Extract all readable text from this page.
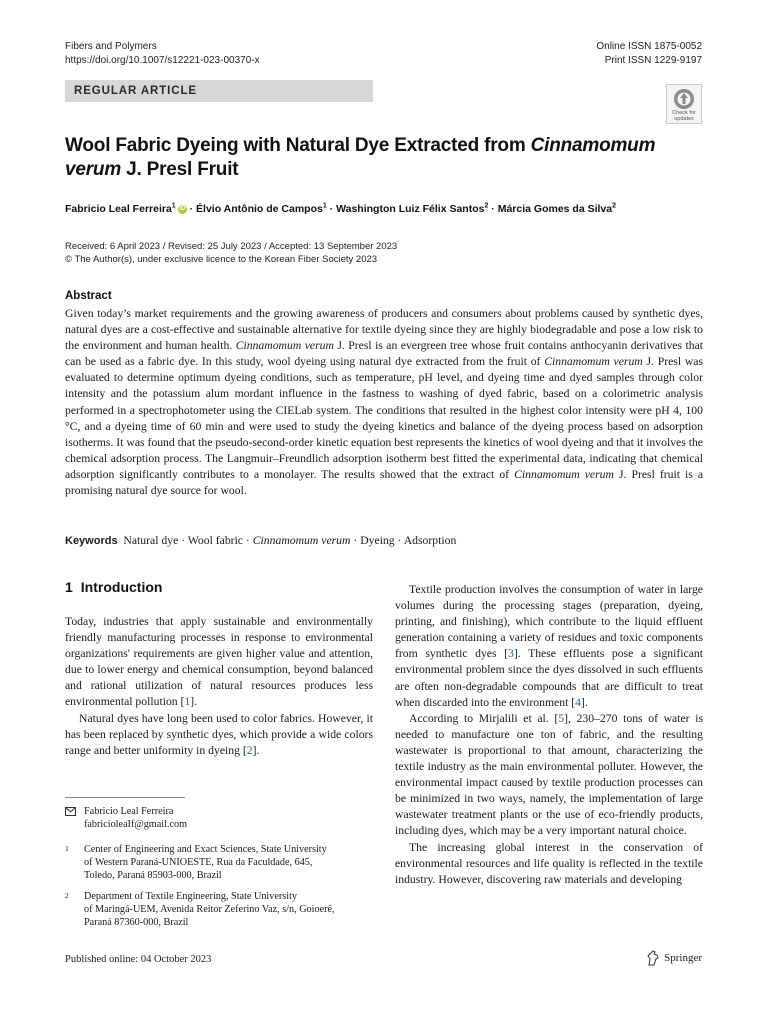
Fibers and Polymers
https://doi.org/10.1007/s12221-023-00370-x
Online ISSN 1875-0052
Print ISSN 1229-9197
REGULAR ARTICLE
Check for
updates
Wool Fabric Dyeing with Natural Dye Extracted from Cinnamomum
verum J. Presl Fruit
Fabricio Leal Ferreira$^1$ iD · Élvio Antônio de Campos$^1$ · Washington Luiz Félix Santos$^2$ · Márcia Gomes da Silva$^2$
Received: 6 April 2023 / Revised: 25 July 2023 / Accepted: 13 September 2023
© The Author(s), under exclusive licence to the Korean Fiber Society 2023
Abstract
Given today’s market requirements and the growing awareness of producers and consumers about problems caused by synthetic dyes, natural dyes are a cost-effective and sustainable alternative for textile dyeing since they are highly biodegradable and pose a low risk to the environment and human health. Cinnamomum verum J. Presl is an evergreen tree whose fruit contains anthocyanin derivatives that can be used as a fabric dye. In this study, wool dyeing using natural dye extracted from the fruit of Cinnamomum verum J. Presl was evaluated to determine optimum dyeing conditions, such as temperature, pH level, and dyeing time and dyed samples through color intensity and the potassium alum mordant influence in the fastness to washing of dyed fabric, based on a colorimetric analysis performed in a spectrophotometer using the CIELab system. The conditions that resulted in the highest color intensity were pH 4, 100 °C, and a dyeing time of 60 min and were used to study the dyeing kinetics and balance of the dyeing process based on adsorption isotherms. It was found that the pseudo-second-order kinetic equation best represents the kinetics of wool dyeing and that it involves the chemical adsorption process. The Langmuir–Freundlich adsorption isotherm best fitted the experimental data, indicating that chemical adsorption significantly contributes to a monolayer. The results showed that the extract of Cinnamomum verum J. Presl fruit is a promising natural dye source for wool.
Keywords Natural dye · Wool fabric · Cinnamomum verum · Dyeing · Adsorption
1 Introduction

Today, industries that apply sustainable and environmentally friendly manufacturing processes in response to environmental organizations' requirements are given higher value and attention, due to lower energy and chemical consumption, beyond balanced and rational utilization of natural resources produces less environmental pollution [1].

Natural dyes have long been used to color fabrics. However, it has been replaced by synthetic dyes, which provide a wide colors range and better uniformity in dyeing [2].

Textile production involves the consumption of water in large volumes during the processing stages (preparation, dyeing, printing, and finishing), which contribute to the liquid effluent generation containing a variety of residues and toxic components from synthetic dyes [3]. These effluents pose a significant environmental problem since the dyes dissolved in such effluents are often non-degradable compounds that are difficult to treat when discarded into the environment [4].

According to Mirjalili et al. [5], 230–270 tons of water is needed to manufacture one ton of fabric, and the resulting wastewater is proportional to that amount, characterizing the textile industry as the main environmental polluter. However, the environmental impact caused by textile production processes can be minimized in two ways, namely, the implementation of large wastewater treatment plants or the use of eco-friendly products, including dyes, which may be a very important natural choice.

The increasing global interest in the conservation of environmental resources and life quality is reflected in the textile industry. However, discovering raw materials and developing

Fabricio Leal Ferreira
fabricioleaIf@gmail.com
1	Center of Engineering and Exact Sciences, State University
of Western Paraná-UNIOESTE, Rua da Faculdade, 645,
Toledo, Paraná 85903-000, Brazil
2	Department of Textile Engineering, State University
of Maringá-UEM, Avenida Reitor Zeferino Vaz, s/n, Goioerê,
Paraná 87360-000, Brazil
Published online: 04 October 2023	Springer
